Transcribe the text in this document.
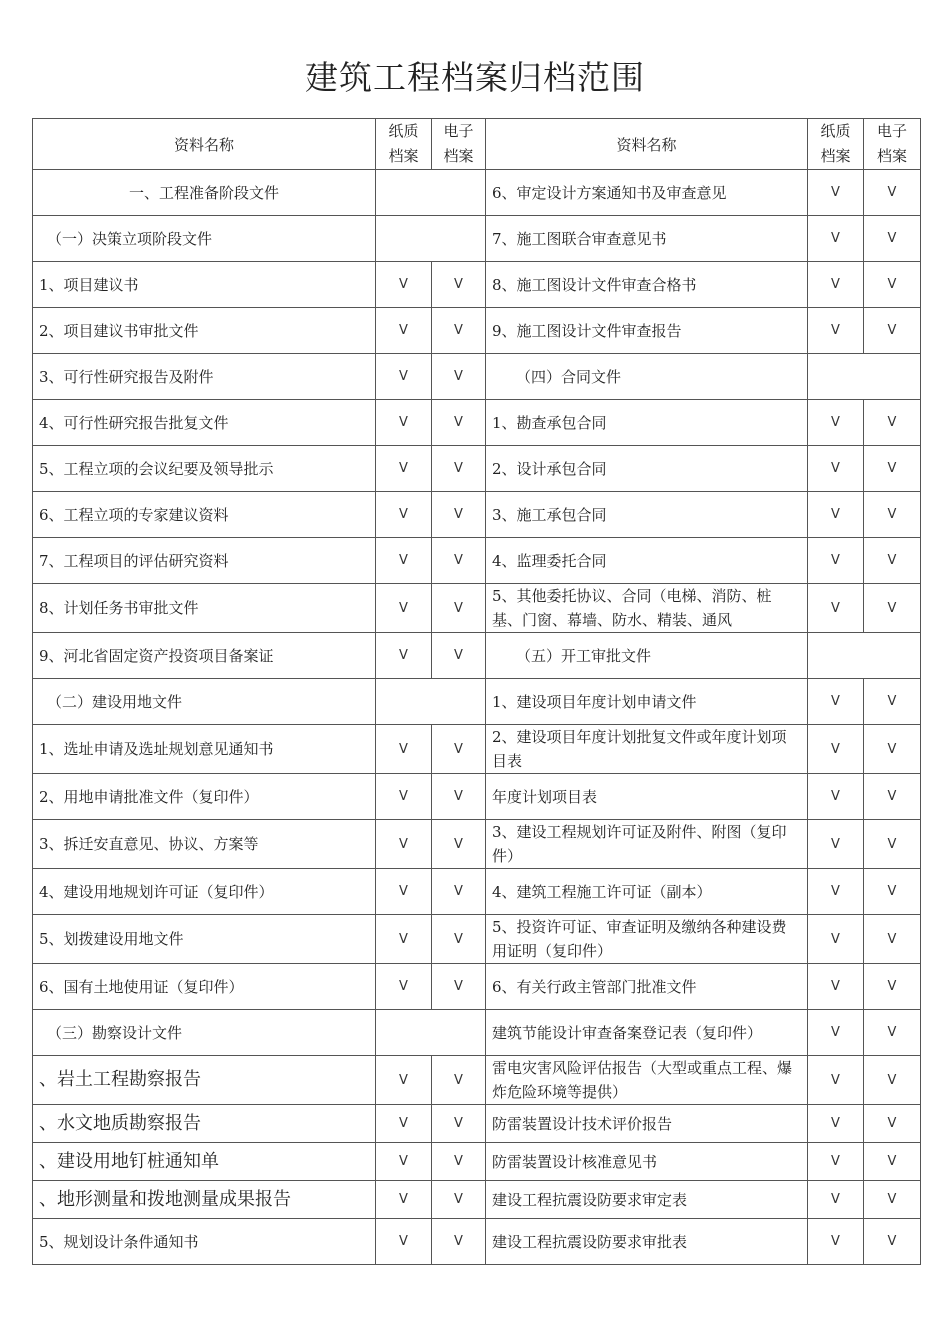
建筑工程档案归档范围
资料名称	纸质档案	电子档案	资料名称	纸质档案	电子档案
一、工程准备阶段文件			6、审定设计方案通知书及审查意见	V	V
（一）决策立项阶段文件			7、施工图联合审查意见书	V	V
1、项目建议书	V	V	8、施工图设计文件审查合格书	V	V
2、项目建议书审批文件	V	V	9、施工图设计文件审查报告	V	V
3、可行性研究报告及附件	V	V	（四）合同文件		
4、可行性研究报告批复文件	V	V	1、勘查承包合同	V	V
5、工程立项的会议纪要及领导批示	V	V	2、设计承包合同	V	V
6、工程立项的专家建议资料	V	V	3、施工承包合同	V	V
7、工程项目的评估研究资料	V	V	4、监理委托合同	V	V
8、计划任务书审批文件	V	V	5、其他委托协议、合同（电梯、消防、桩基、门窗、幕墙、防水、精装、通风	V	V
9、河北省固定资产投资项目备案证	V	V	（五）开工审批文件		
（二）建设用地文件			1、建设项目年度计划申请文件	V	V
1、选址申请及选址规划意见通知书	V	V	2、建设项目年度计划批复文件或年度计划项目表	V	V
2、用地申请批准文件（复印件）	V	V	年度计划项目表	V	V
3、拆迁安直意见、协议、方案等	V	V	3、建设工程规划许可证及附件、附图（复印件）	V	V
4、建设用地规划许可证（复印件）	V	V	4、建筑工程施工许可证（副本）	V	V
5、划拨建设用地文件	V	V	5、投资许可证、审查证明及缴纳各种建设费用证明（复印件）	V	V
6、国有土地使用证（复印件）	V	V	6、有关行政主管部门批准文件	V	V
（三）勘察设计文件			建筑节能设计审查备案登记表（复印件）	V	V
、岩土工程勘察报告	V	V	雷电灾害风险评估报告（大型或重点工程、爆炸危险环境等提供）	V	V
、水文地质勘察报告	V	V	防雷装置设计技术评价报告	V	V
、建设用地钉桩通知单	V	V	防雷装置设计核准意见书	V	V
、地形测量和拨地测量成果报告	V	V	建设工程抗震设防要求审定表	V	V
5、规划设计条件通知书	V	V	建设工程抗震设防要求审批表	V	V
